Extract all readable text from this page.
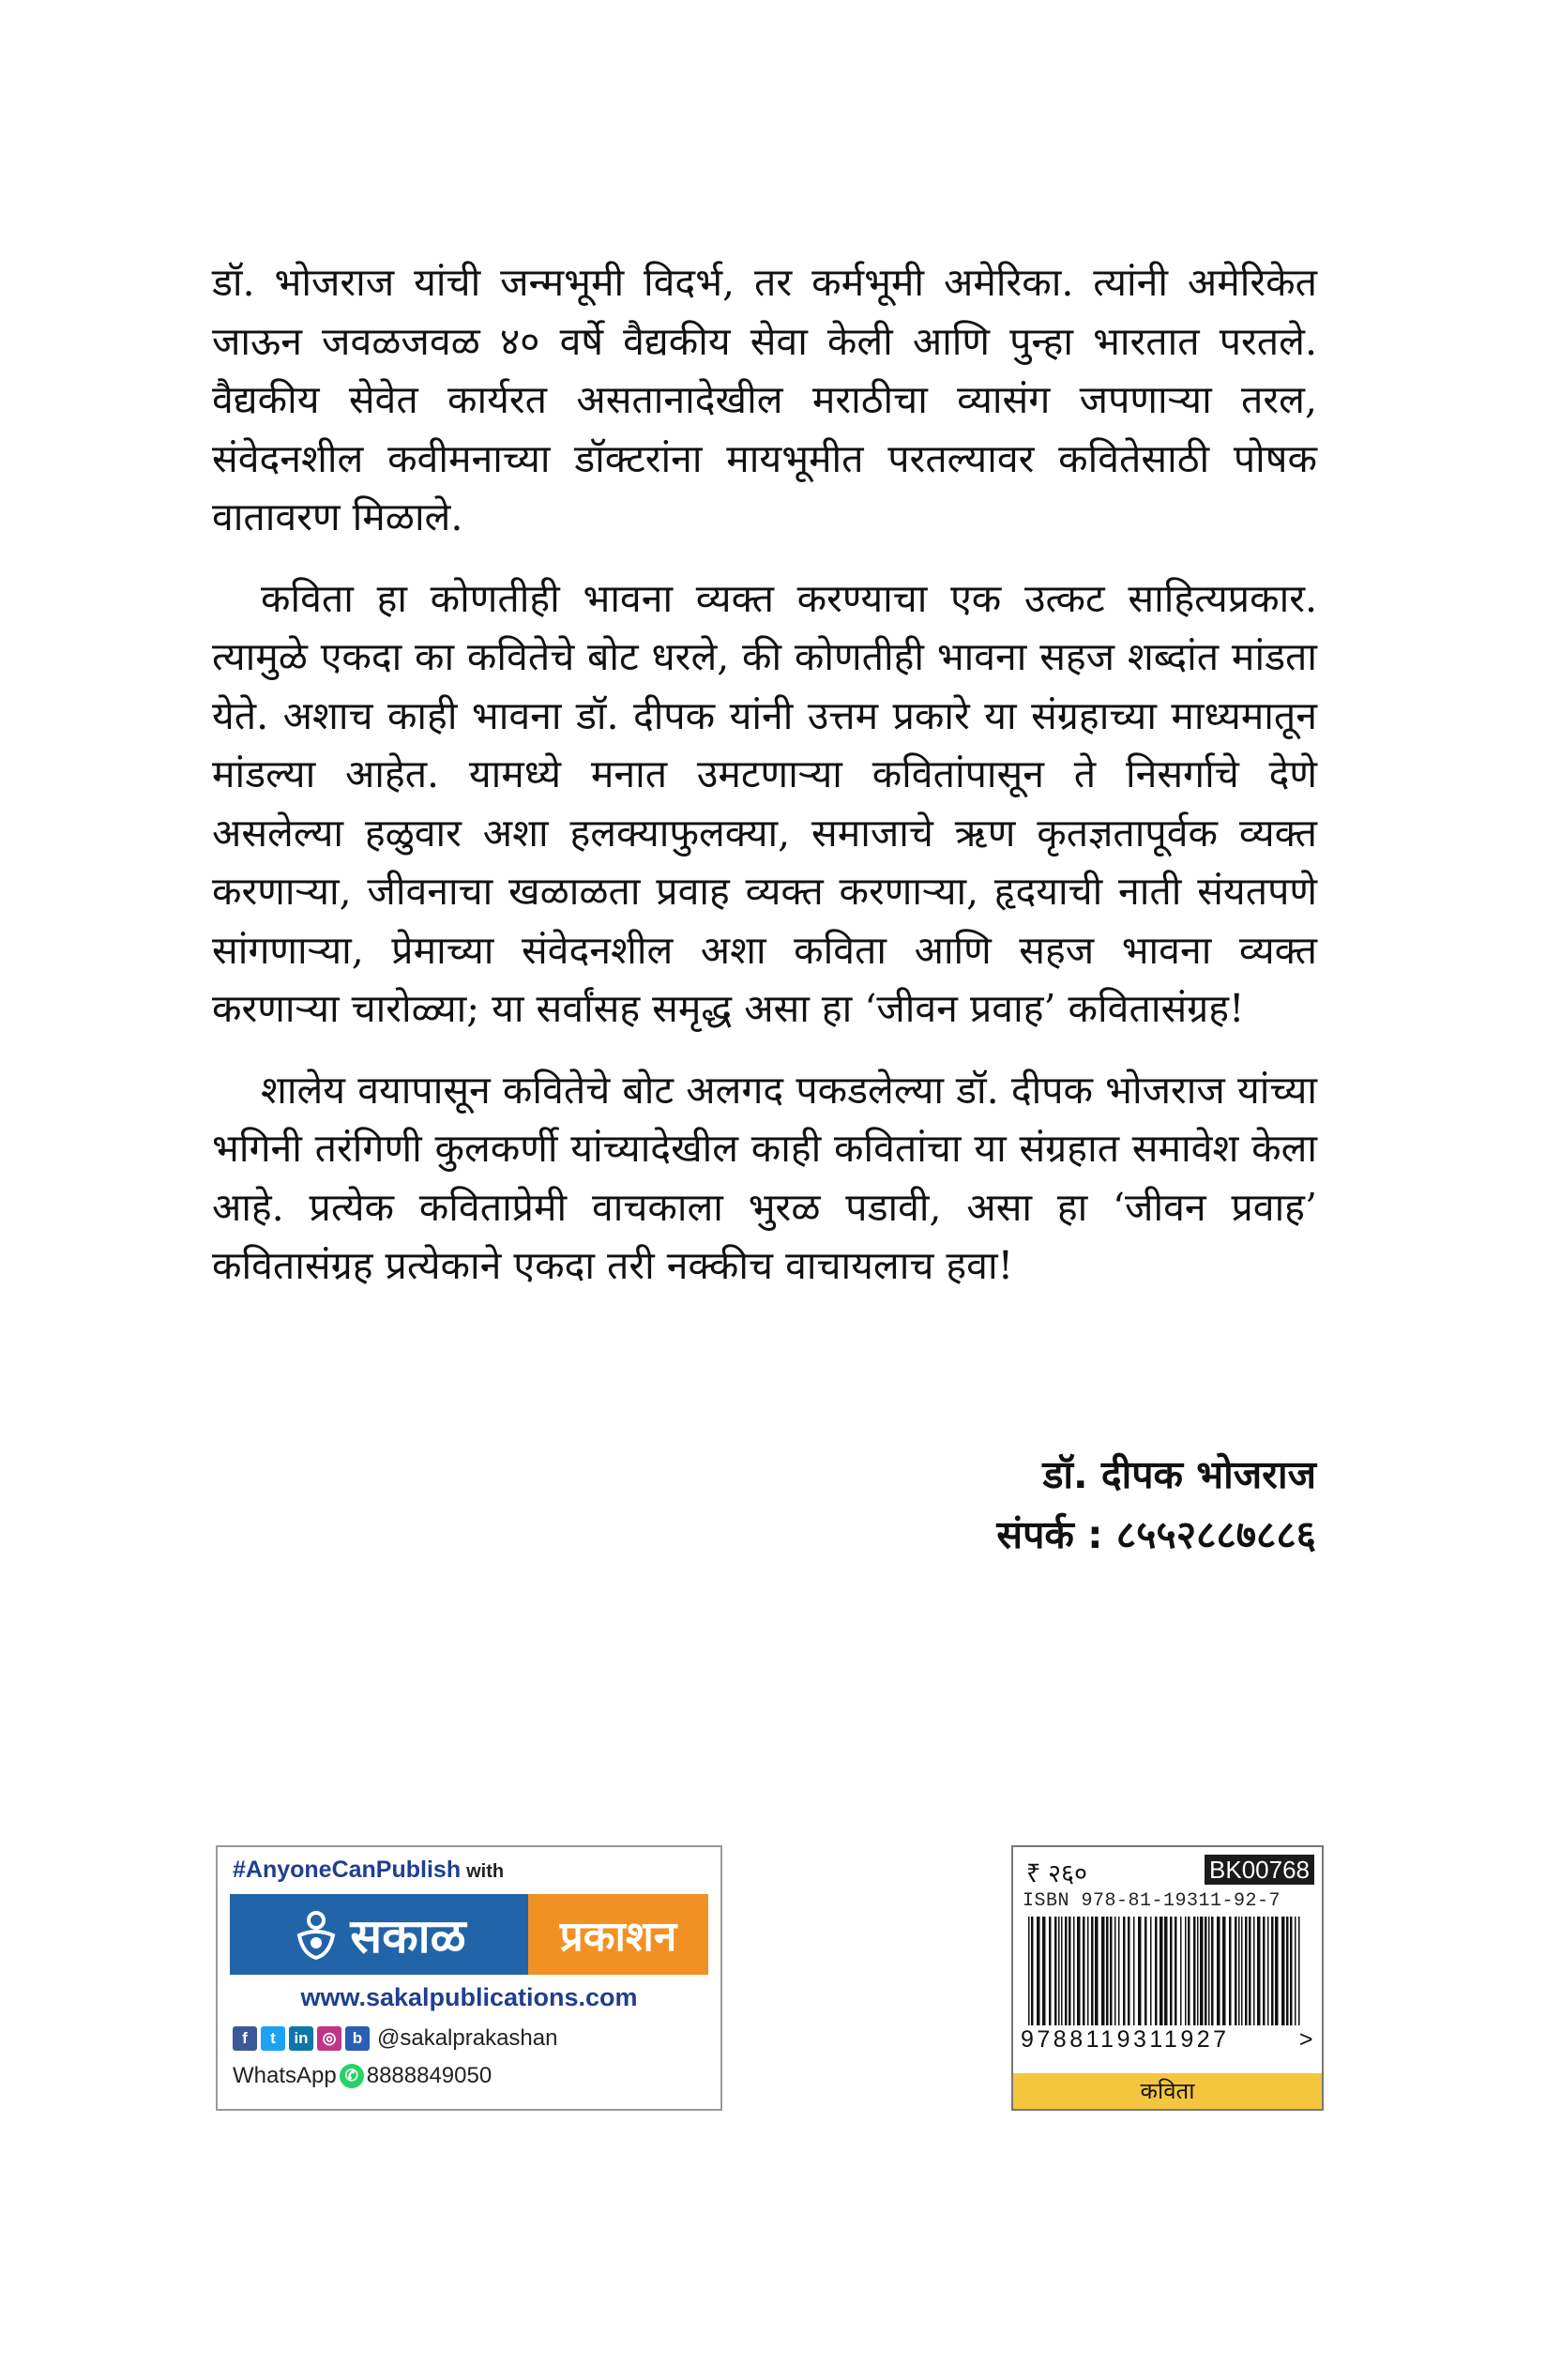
डॉ. भोजराज यांची जन्मभूमी विदर्भ, तर कर्मभूमी अमेरिका. त्यांनी अमेरिकेत जाऊन जवळजवळ ४० वर्षे वैद्यकीय सेवा केली आणि पुन्हा भारतात परतले. वैद्यकीय सेवेत कार्यरत असतानादेखील मराठीचा व्यासंग जपणाऱ्या तरल, संवेदनशील कवीमनाच्या डॉक्टरांना मायभूमीत परतल्यावर कवितेसाठी पोषक वातावरण मिळाले.

कविता हा कोणतीही भावना व्यक्त करण्याचा एक उत्कट साहित्यप्रकार. त्यामुळे एकदा का कवितेचे बोट धरले, की कोणतीही भावना सहज शब्दांत मांडता येते. अशाच काही भावना डॉ. दीपक यांनी उत्तम प्रकारे या संग्रहाच्या माध्यमातून मांडल्या आहेत. यामध्ये मनात उमटणाऱ्या कवितांपासून ते निसर्गाचे देणे असलेल्या हळुवार अशा हलक्याफुलक्या, समाजाचे ऋण कृतज्ञतापूर्वक व्यक्त करणाऱ्या, जीवनाचा खळाळता प्रवाह व्यक्त करणाऱ्या, हृदयाची नाती संयतपणे सांगणाऱ्या, प्रेमाच्या संवेदनशील अशा कविता आणि सहज भावना व्यक्त करणाऱ्या चारोळ्या; या सर्वांसह समृद्ध असा हा ‘जीवन प्रवाह’ कवितासंग्रह!

शालेय वयापासून कवितेचे बोट अलगद पकडलेल्या डॉ. दीपक भोजराज यांच्या भगिनी तरंगिणी कुलकर्णी यांच्यादेखील काही कवितांचा या संग्रहात समावेश केला आहे. प्रत्येक कविताप्रेमी वाचकाला भुरळ पडावी, असा हा ‘जीवन प्रवाह’ कवितासंग्रह प्रत्येकाने एकदा तरी नक्कीच वाचायलाच हवा!

डॉ. दीपक भोजराज
संपर्क : ८५५२८८७८८६
#AnyoneCanPublish with
सकाळ प्रकाशन
www.sakalpublications.com
f	t	in ◎	b @sakalprakashan
WhatsApp ✆ 8888849050
₹ २६०	BK00768
ISBN 978-81-19311-92-7
9788119311927	>
कविता
